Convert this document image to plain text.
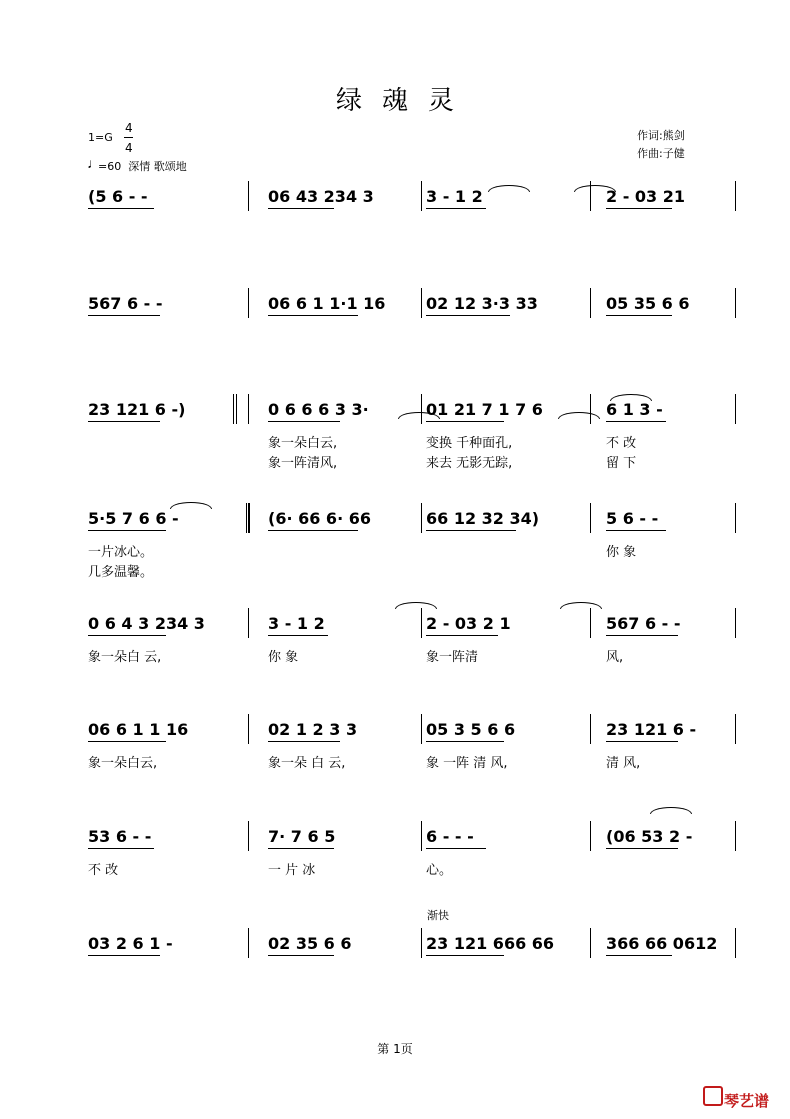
绿魂灵
1=G
4
4
♩
=60 深情 歌颂地
作词:熊剑
作曲:子健
(5 6 - -	06 43 234 3	3 - 1 2	2 - 03 21
567 6 - -	06 6 1 1·1 16	02 12 3·3 33	05 35 6 6
23 121 6 -)	0 6 6 6 3 3·	01 21 7 1 7 6	6 1 3 -
象一朵白云,	变换 千种面孔,	不 改
象一阵清风,	来去 无影无踪,	留 下
5·5 7 6 6 -	(6· 66 6· 66	66 12 32 34)	5 6 - -
一片冰心。	你 象
几多温馨。
0 6 4 3 234 3	3 - 1 2	2 - 03 2 1	567 6 - -
象一朵白 云,	你 象	象一阵清	风,
06 6 1 1 16	02 1 2 3 3	05 3 5 6 6	23 121 6 -
象一朵白云,	象一朵 白 云,	象 一阵 清 风,	清 风,
53 6 - -	7· 7 6 5	6 - - -	(06 53 2 -
不 改	一 片 冰	心。
03 2 6 1 -	02 35 6 6	23 121 666 66	366 66 0612
渐快
第 1页
琴艺谱
